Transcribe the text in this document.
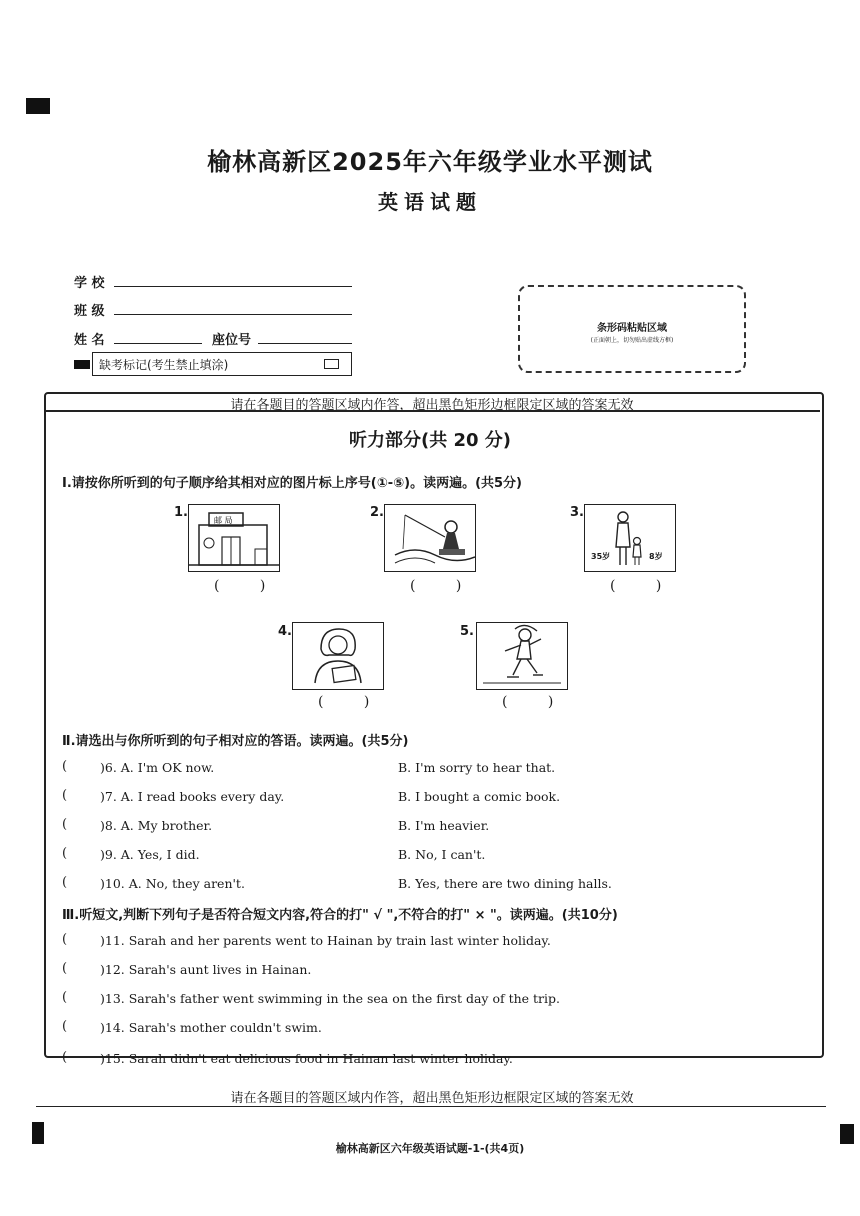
榆林高新区2025年六年级学业水平测试
英语试题
学 校
班 级
姓 名	座位号
缺考标记(考生禁止填涂)
条形码粘贴区域
(正面朝上，切勿贴出虚线方框)
请在各题目的答题区域内作答，超出黑色矩形边框限定区域的答案无效
听力部分(共 20 分)
Ⅰ.请按你所听到的句子顺序给其相对应的图片标上序号(①-⑤)。读两遍。(共5分)
1.
邮 局
( )
2.
( )
3.
35岁	8岁
( )
4.
( )
5.
( )
Ⅱ.请选出与你所听到的句子相对应的答语。读两遍。(共5分)
(	)6. A. I'm OK now.	B. I'm sorry to hear that.
(	)7. A. I read books every day.	B. I bought a comic book.
(	)8. A. My brother.	B. I'm heavier.
(	)9. A. Yes, I did.	B. No, I can't.
(	)10. A. No, they aren't.	B. Yes, there are two dining halls.
Ⅲ.听短文,判断下列句子是否符合短文内容,符合的打" √ ",不符合的打" × "。读两遍。(共10分)
(	)11. Sarah and her parents went to Hainan by train last winter holiday.
(	)12. Sarah's aunt lives in Hainan.
(	)13. Sarah's father went swimming in the sea on the first day of the trip.
(	)14. Sarah's mother couldn't swim.
(	)15. Sarah didn't eat delicious food in Hainan last winter holiday.
请在各题目的答题区域内作答，超出黑色矩形边框限定区域的答案无效
榆林高新区六年级英语试题-1-(共4页)
